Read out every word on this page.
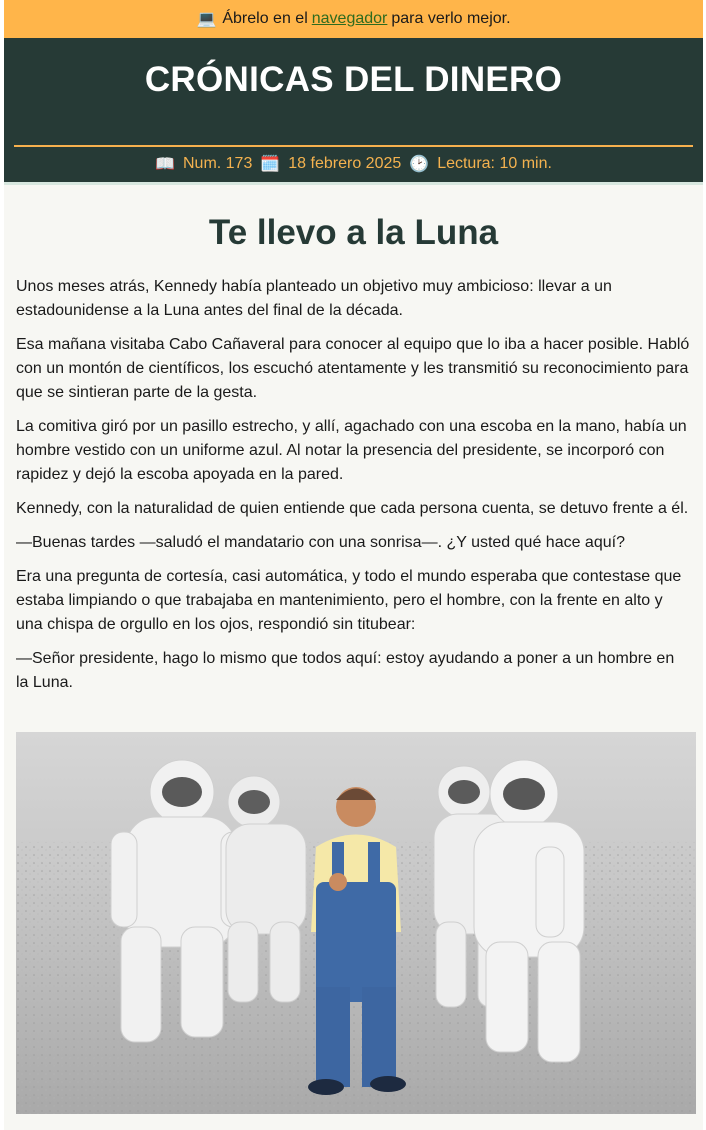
💻 Ábrelo en el navegador para verlo mejor.
CRÓNICAS DEL DINERO
📖 Num. 173 🗓️ 18 febrero 2025 🕑 Lectura: 10 min.
Te llevo a la Luna

Unos meses atrás, Kennedy había planteado un objetivo muy ambicioso: llevar a un estadounidense a la Luna antes del final de la década.

Esa mañana visitaba Cabo Cañaveral para conocer al equipo que lo iba a hacer posible. Habló con un montón de científicos, los escuchó atentamente y les transmitió su reconocimiento para que se sintieran parte de la gesta.

La comitiva giró por un pasillo estrecho, y allí, agachado con una escoba en la mano, había un hombre vestido con un uniforme azul. Al notar la presencia del presidente, se incorporó con rapidez y dejó la escoba apoyada en la pared.

Kennedy, con la naturalidad de quien entiende que cada persona cuenta, se detuvo frente a él.

—Buenas tardes —saludó el mandatario con una sonrisa—. ¿Y usted qué hace aquí?

Era una pregunta de cortesía, casi automática, y todo el mundo esperaba que contestase que estaba limpiando o que trabajaba en mantenimiento, pero el hombre, con la frente en alto y una chispa de orgullo en los ojos, respondió sin titubear:

—Señor presidente, hago lo mismo que todos aquí: estoy ayudando a poner a un hombre en la Luna.
